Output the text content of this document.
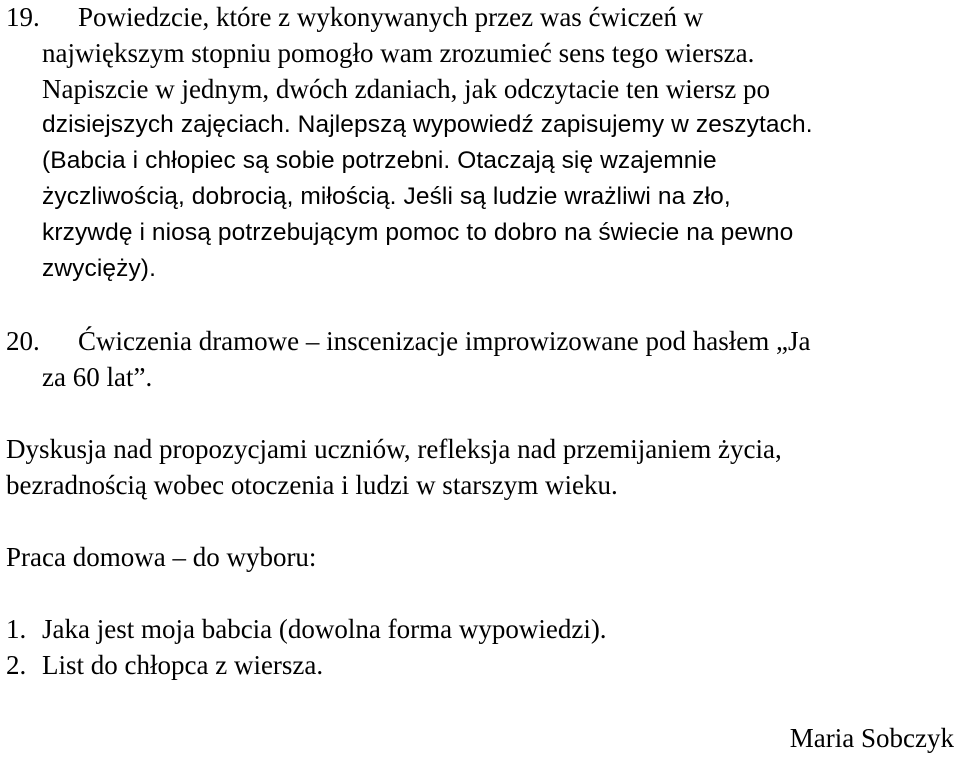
19. Powiedzcie, które z wykonywanych przez was ćwiczeń w

największym stopniu pomogło wam zrozumieć sens tego wiersza.

Napiszcie w jednym, dwóch zdaniach, jak odczytacie ten wiersz po

dzisiejszych zajęciach. Najlepszą wypowiedź zapisujemy w zeszytach.

(Babcia i chłopiec są sobie potrzebni. Otaczają się wzajemnie

życzliwością, dobrocią, miłością. Jeśli są ludzie wrażliwi na zło,

krzywdę i niosą potrzebującym pomoc to dobro na świecie na pewno

zwycięży).

20. Ćwiczenia dramowe – inscenizacje improwizowane pod hasłem „Ja

za 60 lat”.

Dyskusja nad propozycjami uczniów, refleksja nad przemijaniem życia,

bezradnością wobec otoczenia i ludzi w starszym wieku.

Praca domowa – do wyboru:

1. Jaka jest moja babcia (dowolna forma wypowiedzi).

2. List do chłopca z wiersza.

Maria Sobczyk
